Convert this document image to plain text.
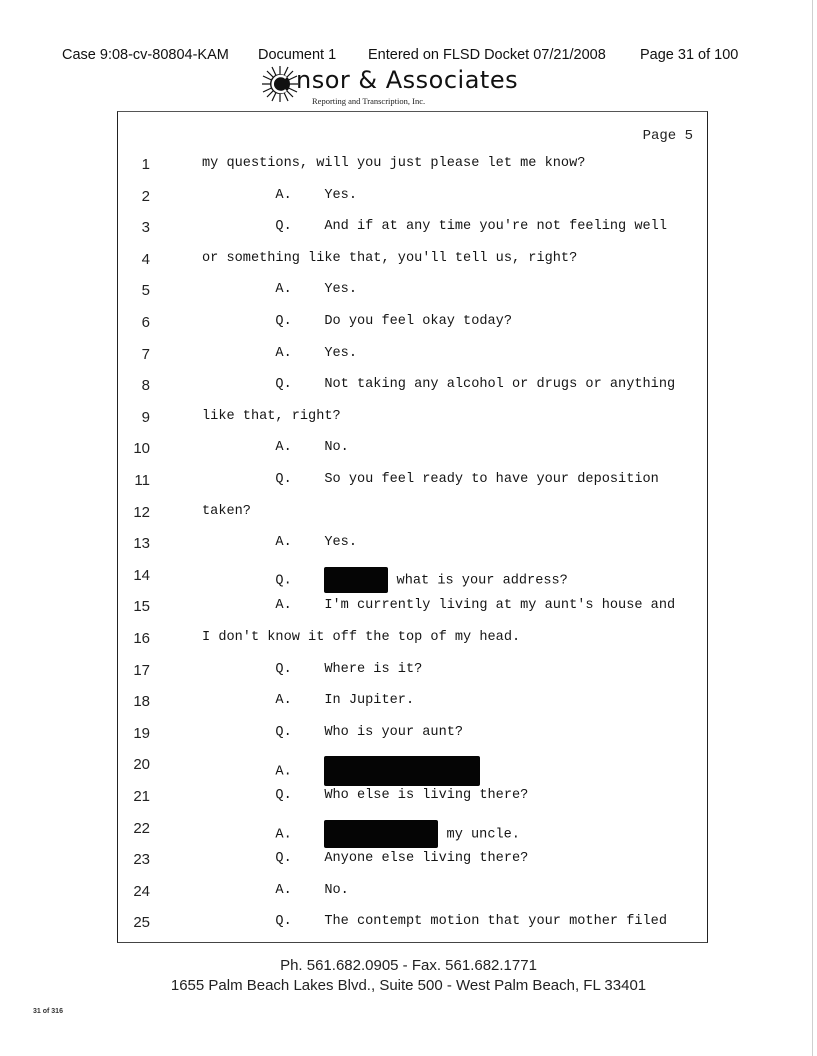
Case 9:08-cv-80804-KAM Document 1 Entered on FLSD Docket 07/21/2008 Page 31 of 100
nsor & Associates
Reporting and Transcription, Inc.
Page 5
1	my questions, will you just please let me know?
2	A.    Yes.
3	Q.    And if at any time you're not feeling well
4	or something like that, you'll tell us, right?
5	A.    Yes.
6	Q.    Do you feel okay today?
7	A.    Yes.
8	Q.    Not taking any alcohol or drugs or anything
9	like that, right?
10	A.    No.
11	Q.    So you feel ready to have your deposition
12	taken?
13	A.    Yes.
14	Q.	what is your address?
15	A.    I'm currently living at my aunt's house and
16	I don't know it off the top of my head.
17	Q.    Where is it?
18	A.    In Jupiter.
19	Q.    Who is your aunt?
20	A.
21	Q.    Who else is living there?
22	A.	my uncle.
23	Q.    Anyone else living there?
24	A.    No.
25	Q.    The contempt motion that your mother filed
Ph. 561.682.0905 - Fax. 561.682.1771
1655 Palm Beach Lakes Blvd., Suite 500 - West Palm Beach, FL 33401
31 of 316
